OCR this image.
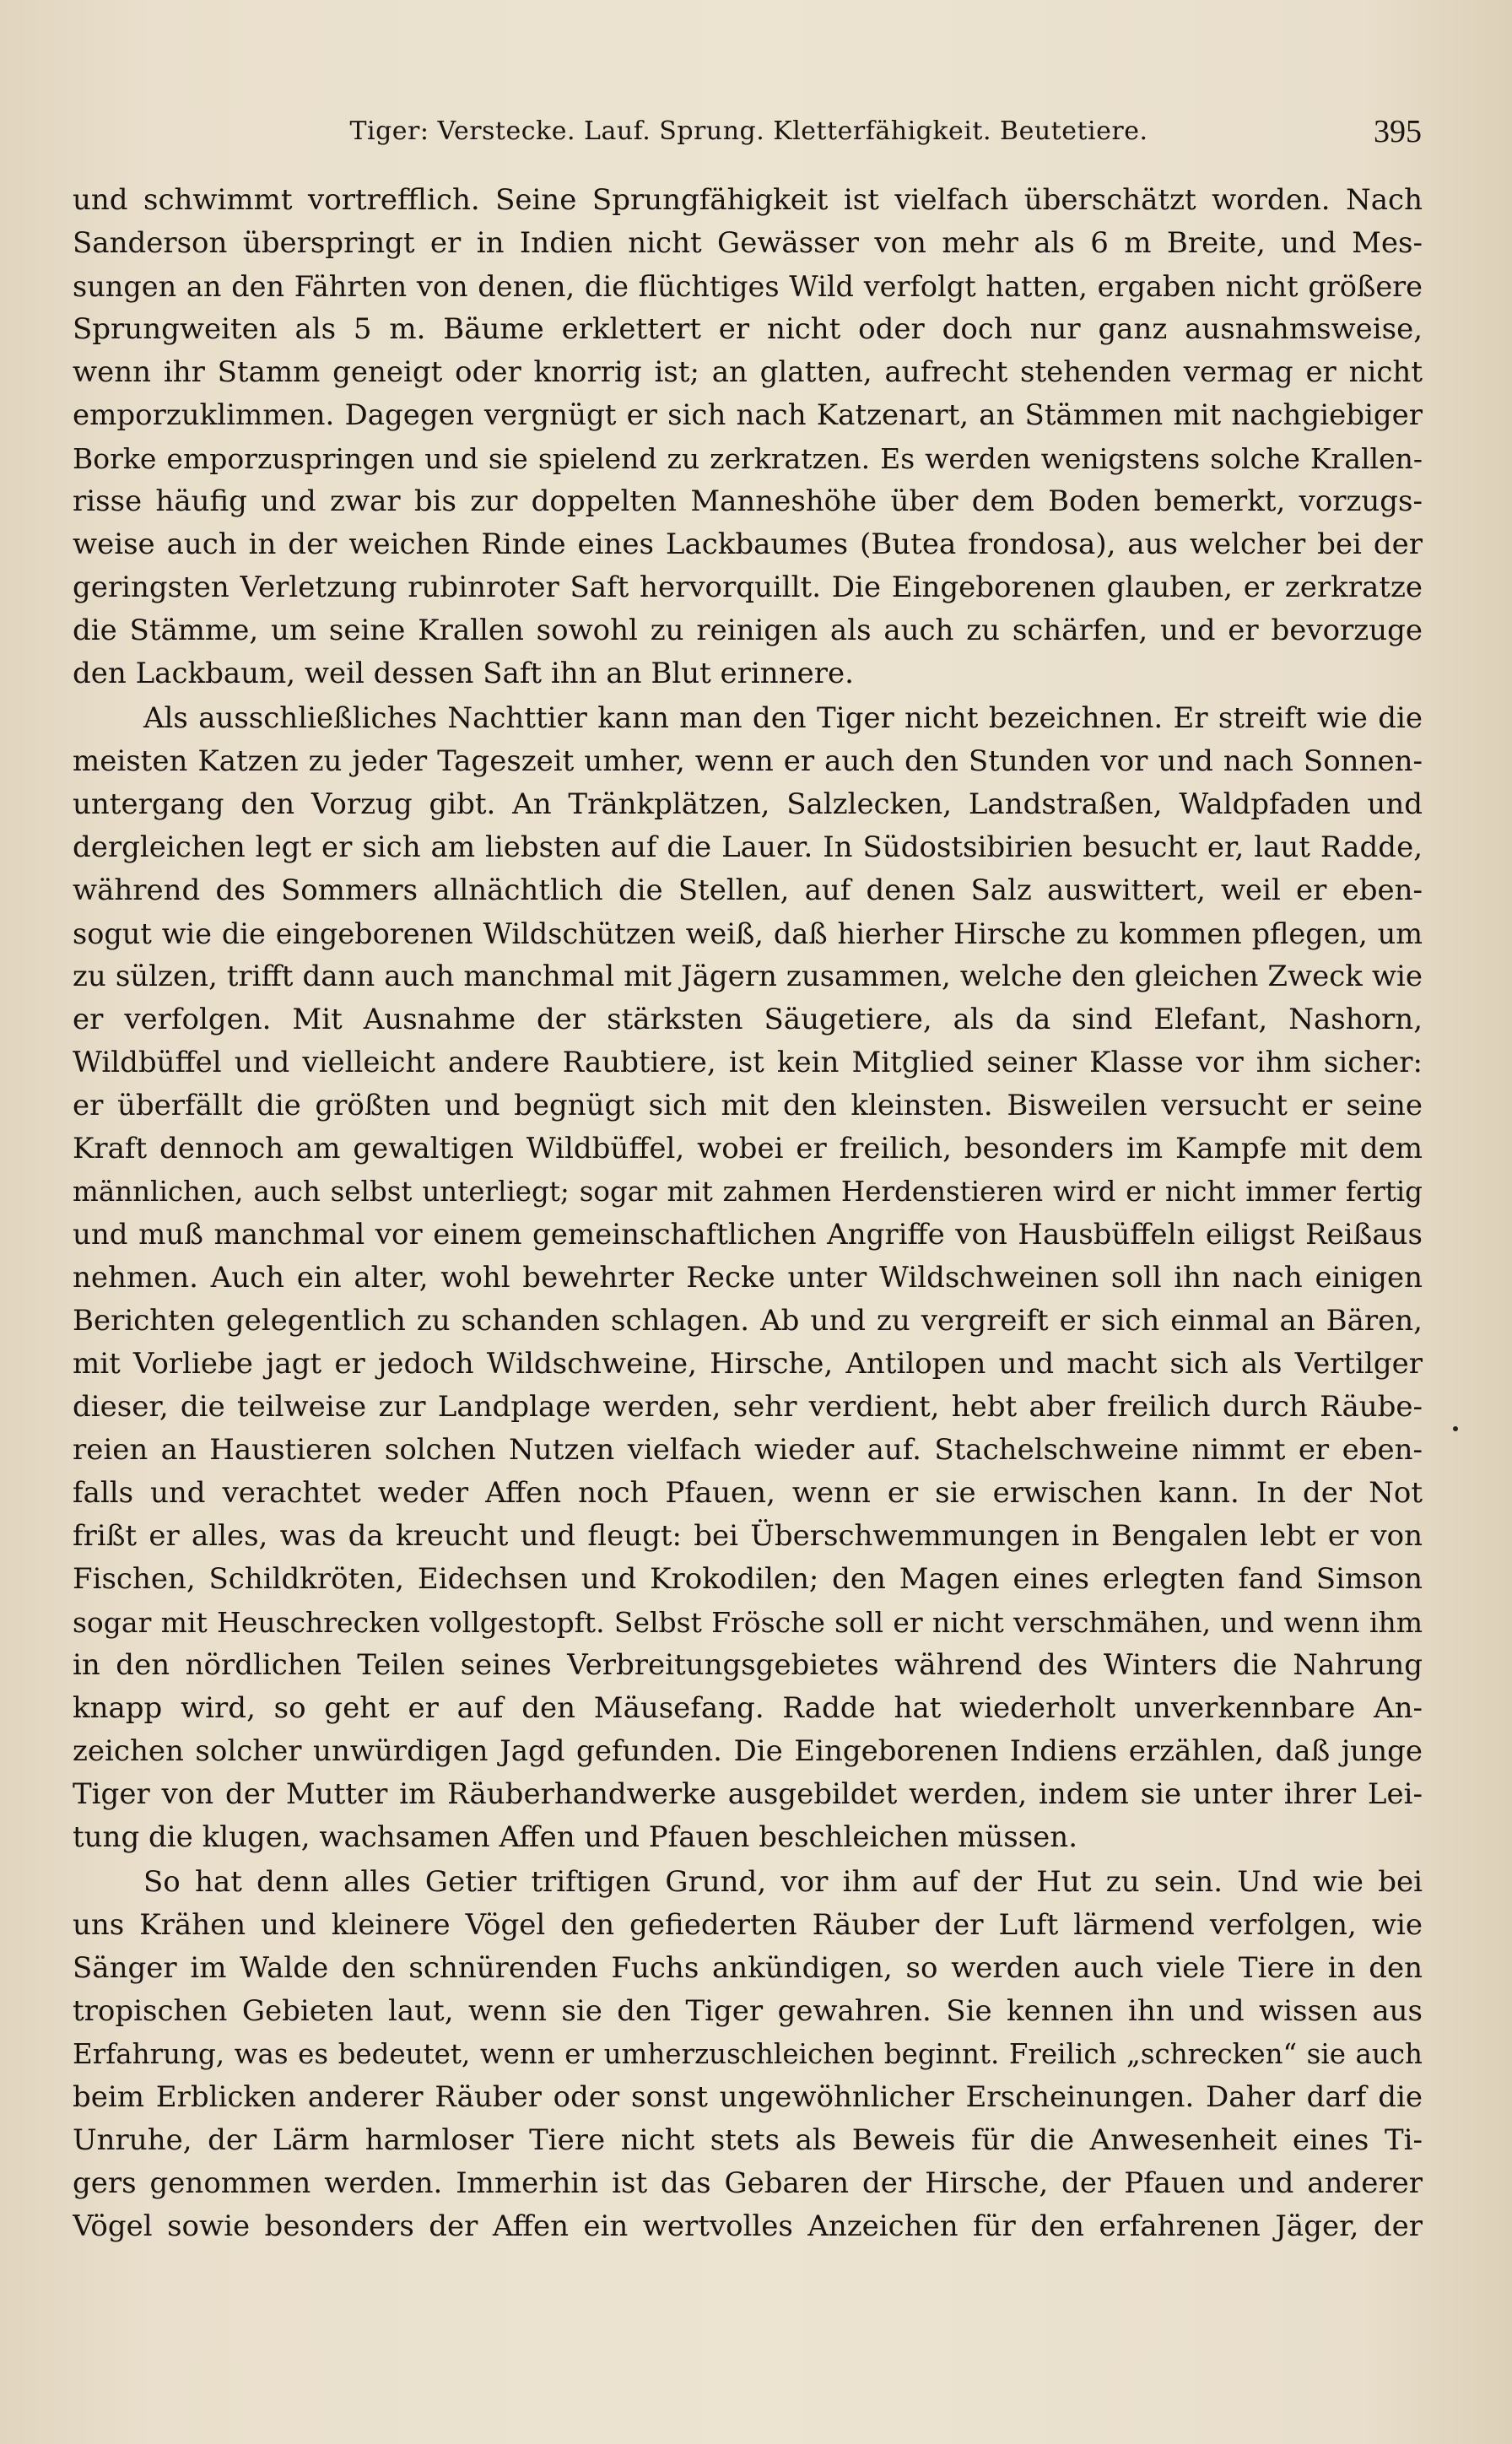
Tiger: Verstecke. Lauf. Sprung. Kletterfähigkeit. Beutetiere.	395
und schwimmt vortrefflich. Seine Sprungfähigkeit ist vielfach überschätzt worden. Nach
Sanderson überspringt er in Indien nicht Gewässer von mehr als 6 m Breite, und Mes-
sungen an den Fährten von denen, die flüchtiges Wild verfolgt hatten, ergaben nicht größere
Sprungweiten als 5 m. Bäume erklettert er nicht oder doch nur ganz ausnahmsweise,
wenn ihr Stamm geneigt oder knorrig ist; an glatten, aufrecht stehenden vermag er nicht
emporzuklimmen. Dagegen vergnügt er sich nach Katzenart, an Stämmen mit nachgiebiger
Borke emporzuspringen und sie spielend zu zerkratzen. Es werden wenigstens solche Krallen-
risse häufig und zwar bis zur doppelten Manneshöhe über dem Boden bemerkt, vorzugs-
weise auch in der weichen Rinde eines Lackbaumes (Butea frondosa), aus welcher bei der
geringsten Verletzung rubinroter Saft hervorquillt. Die Eingeborenen glauben, er zerkratze
die Stämme, um seine Krallen sowohl zu reinigen als auch zu schärfen, und er bevorzuge
den Lackbaum, weil dessen Saft ihn an Blut erinnere.
Als ausschließliches Nachttier kann man den Tiger nicht bezeichnen. Er streift wie die
meisten Katzen zu jeder Tageszeit umher, wenn er auch den Stunden vor und nach Sonnen-
untergang den Vorzug gibt. An Tränkplätzen, Salzlecken, Landstraßen, Waldpfaden und
dergleichen legt er sich am liebsten auf die Lauer. In Südostsibirien besucht er, laut Radde,
während des Sommers allnächtlich die Stellen, auf denen Salz auswittert, weil er eben-
sogut wie die eingeborenen Wildschützen weiß, daß hierher Hirsche zu kommen pflegen, um
zu sülzen, trifft dann auch manchmal mit Jägern zusammen, welche den gleichen Zweck wie
er verfolgen. Mit Ausnahme der stärksten Säugetiere, als da sind Elefant, Nashorn,
Wildbüffel und vielleicht andere Raubtiere, ist kein Mitglied seiner Klasse vor ihm sicher:
er überfällt die größten und begnügt sich mit den kleinsten. Bisweilen versucht er seine
Kraft dennoch am gewaltigen Wildbüffel, wobei er freilich, besonders im Kampfe mit dem
männlichen, auch selbst unterliegt; sogar mit zahmen Herdenstieren wird er nicht immer fertig
und muß manchmal vor einem gemeinschaftlichen Angriffe von Hausbüffeln eiligst Reißaus
nehmen. Auch ein alter, wohl bewehrter Recke unter Wildschweinen soll ihn nach einigen
Berichten gelegentlich zu schanden schlagen. Ab und zu vergreift er sich einmal an Bären,
mit Vorliebe jagt er jedoch Wildschweine, Hirsche, Antilopen und macht sich als Vertilger
dieser, die teilweise zur Landplage werden, sehr verdient, hebt aber freilich durch Räube-
reien an Haustieren solchen Nutzen vielfach wieder auf. Stachelschweine nimmt er eben-
falls und verachtet weder Affen noch Pfauen, wenn er sie erwischen kann. In der Not
frißt er alles, was da kreucht und fleugt: bei Überschwemmungen in Bengalen lebt er von
Fischen, Schildkröten, Eidechsen und Krokodilen; den Magen eines erlegten fand Simson
sogar mit Heuschrecken vollgestopft. Selbst Frösche soll er nicht verschmähen, und wenn ihm
in den nördlichen Teilen seines Verbreitungsgebietes während des Winters die Nahrung
knapp wird, so geht er auf den Mäusefang. Radde hat wiederholt unverkennbare An-
zeichen solcher unwürdigen Jagd gefunden. Die Eingeborenen Indiens erzählen, daß junge
Tiger von der Mutter im Räuberhandwerke ausgebildet werden, indem sie unter ihrer Lei-
tung die klugen, wachsamen Affen und Pfauen beschleichen müssen.
So hat denn alles Getier triftigen Grund, vor ihm auf der Hut zu sein. Und wie bei
uns Krähen und kleinere Vögel den gefiederten Räuber der Luft lärmend verfolgen, wie
Sänger im Walde den schnürenden Fuchs ankündigen, so werden auch viele Tiere in den
tropischen Gebieten laut, wenn sie den Tiger gewahren. Sie kennen ihn und wissen aus
Erfahrung, was es bedeutet, wenn er umherzuschleichen beginnt. Freilich „schrecken“ sie auch
beim Erblicken anderer Räuber oder sonst ungewöhnlicher Erscheinungen. Daher darf die
Unruhe, der Lärm harmloser Tiere nicht stets als Beweis für die Anwesenheit eines Ti-
gers genommen werden. Immerhin ist das Gebaren der Hirsche, der Pfauen und anderer
Vögel sowie besonders der Affen ein wertvolles Anzeichen für den erfahrenen Jäger, der
